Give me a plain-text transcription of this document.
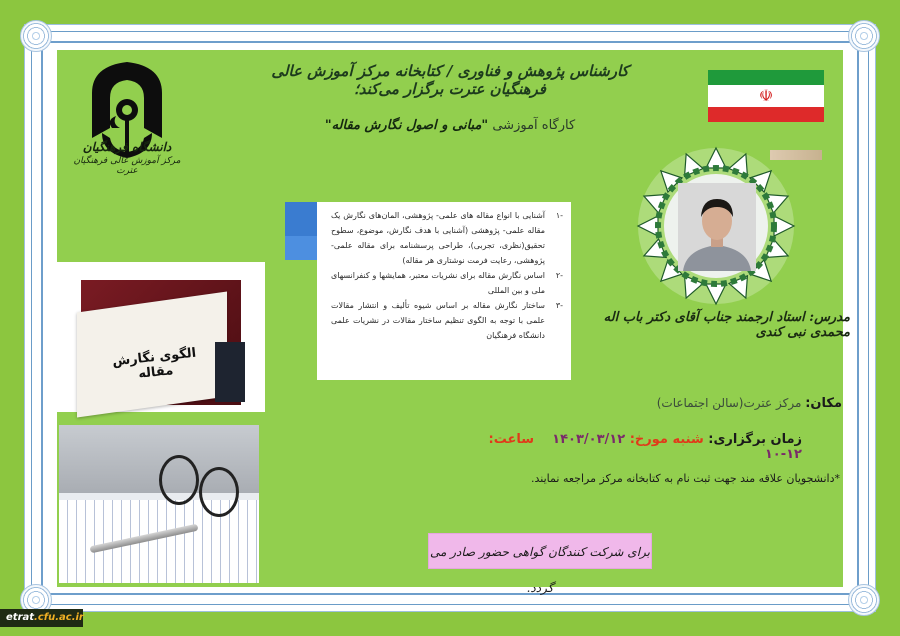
دانشگاه فرهنگیان
مرکز آموزش عالی فرهنگیان عترت
کارشناس پژوهش و فناوری / کتابخانه مرکز آموزش عالی فرهنگیان عترت برگزار می‌کند؛
کارگاه آموزشی "مبانی و اصول نگارش مقاله"
☫
مدرس: استاد ارجمند جناب آقای دکتر باب اله محمدی نبی کندی
-۱
آشنایی با انواع مقاله های علمی- پژوهشی، المان‌های نگارش یک مقاله علمی- پژوهشی (آشنایی با هدف نگارش، موضوع، سطوح تحقیق(نظری، تجربی)، طراحی پرسشنامه برای مقاله علمی- پژوهشی، رعایت فرمت نوشتاری هر مقاله)
-۲
اساس نگارش مقاله برای نشریات معتبر، همایشها و کنفرانسهای ملی و بین المللی
-۳
ساختار نگارش مقاله بر اساس شیوه تألیف و انتشار مقالات علمی با توجه به الگوی تنظیم ساختار مقالات در نشریات علمی دانشگاه فرهنگیان
الگوی نگارش مقاله
مکان: مرکز عترت(سالن اجتماعات)
زمان برگزاری: شنبه مورخ: ۱۴۰۳/۰۳/۱۲    ساعت: ۱۲-۱۰
*دانشجویان علاقه مند جهت ثبت نام به کتابخانه مرکز مراجعه نمایند.
برای شرکت کنندگان گواهی حضور صادر می گردد.
etrat.cfu.ac.ir
